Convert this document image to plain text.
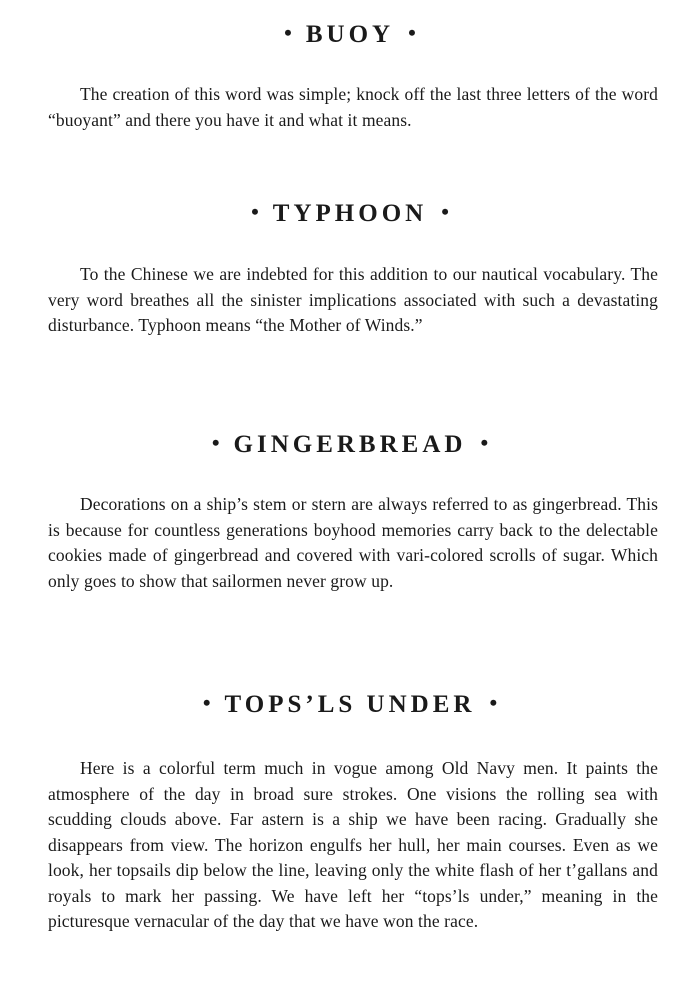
• BUOY •

The creation of this word was simple; knock off the last three letters of the word “buoyant” and there you have it and what it means.

• TYPHOON •

To the Chinese we are indebted for this addition to our nautical vocabulary. The very word breathes all the sinister implications associated with such a devastating disturbance. Typhoon means “the Mother of Winds.”

• GINGERBREAD •

Decorations on a ship’s stem or stern are always referred to as gingerbread. This is because for countless generations boyhood memories carry back to the delectable cookies made of gingerbread and covered with vari-colored scrolls of sugar. Which only goes to show that sailormen never grow up.

• TOPS’LS UNDER •

Here is a colorful term much in vogue among Old Navy men. It paints the atmosphere of the day in broad sure strokes. One visions the rolling sea with scudding clouds above. Far astern is a ship we have been racing. Gradually she disappears from view. The horizon engulfs her hull, her main courses. Even as we look, her topsails dip below the line, leaving only the white flash of her t’gallans and royals to mark her passing. We have left her “tops’ls under,” meaning in the picturesque vernacular of the day that we have won the race.
